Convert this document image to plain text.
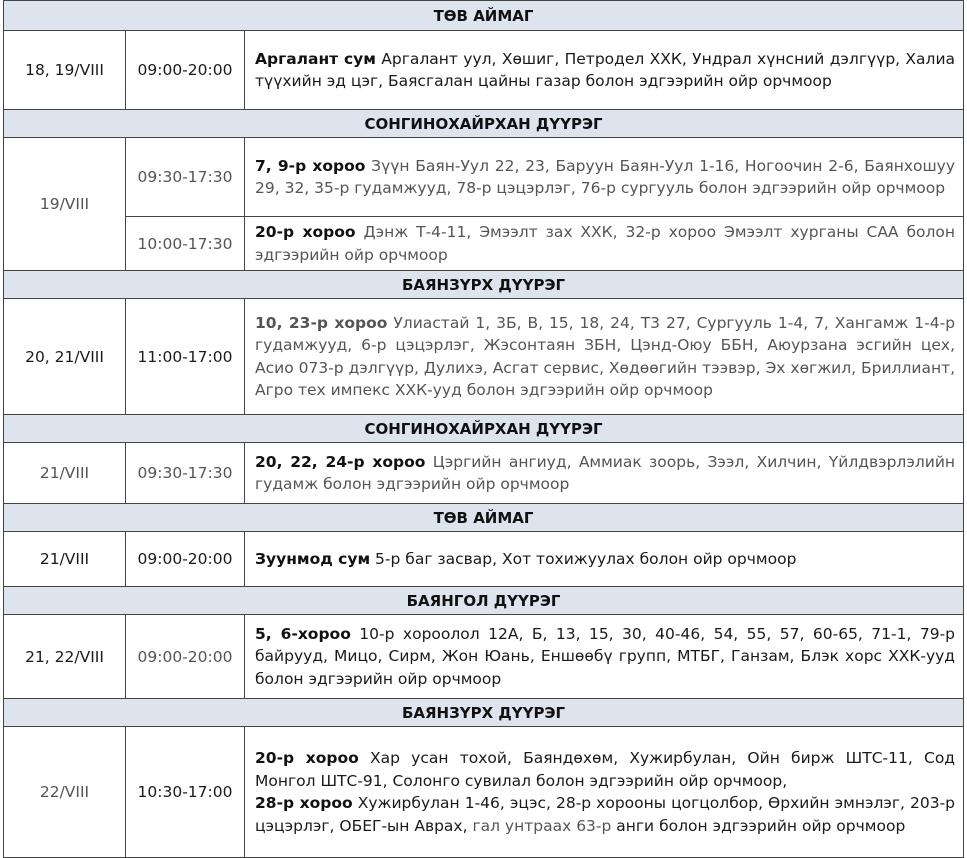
ТӨВ АЙМАГ		
18, 19/VIII	09:00-20:00	Аргалант сум Аргалант уул, Хөшиг, Петродел ХХК, Ундрал хүнсний дэлгүүр, Халиа түүхийн эд цэг, Баясгалан цайны газар болон эдгээрийн ойр орчмоор
СОНГИНОХАЙРХАН ДҮҮРЭГ		
19/VIII	09:30-17:30	7, 9-р хороо Зүүн Баян-Уул 22, 23, Баруун Баян-Уул 1-16, Ногоочин 2-6, Баянхошуу 29, 32, 35-р гудамжууд, 78-р цэцэрлэг, 76-р сургууль болон эдгээрийн ойр орчмоор
	10:00-17:30	20-р хороо Дэнж Т-4-11, Эмээлт зах ХХК, 32-р хороо Эмээлт хурганы САА болон эдгээрийн ойр орчмоор
БАЯНЗҮРХ ДҮҮРЭГ		
20, 21/VIII	11:00-17:00	10, 23-р хороо Улиастай 1, 3Б, В, 15, 18, 24, Т3 27, Сургууль 1-4, 7, Хангамж 1-4-р гудамжууд, 6-р цэцэрлэг, Жэсонтаян ЗБН, Цэнд-Оюу ББН, Аюурзана эсгийн цех, Асио 073-р дэлгүүр, Дулихэ, Асгат сервис, Хөдөөгийн тээвэр, Эх хөгжил, Бриллиант, Агро тех импекс ХХК-ууд болон эдгээрийн ойр орчмоор
СОНГИНОХАЙРХАН ДҮҮРЭГ		
21/VIII	09:30-17:30	20, 22, 24-р хороо Цэргийн ангиуд, Аммиак зоорь, Зээл, Хилчин, Үйлдвэрлэлийн гудамж болон эдгээрийн ойр орчмоор
ТӨВ АЙМАГ		
21/VIII	09:00-20:00	Зуунмод сум 5-р баг засвар, Хот тохижуулах болон ойр орчмоор
БАЯНГОЛ ДҮҮРЭГ		
21, 22/VIII	09:00-20:00	5, 6-хороо 10-р хороолол 12А, Б, 13, 15, 30, 40-46, 54, 55, 57, 60-65, 71-1, 79-р байрууд, Мицо, Сирм, Жон Юань, Еншөөбү групп, МТБГ, Ганзам, Блэк хорс ХХК-ууд болон эдгээрийн ойр орчмоор
БАЯНЗҮРХ ДҮҮРЭГ		
22/VIII	10:30-17:00	20-р хороо Хар усан тохой, Баяндөхөм, Хужирбулан, Ойн бирж ШТС-11, Сод Монгол ШТС-91, Солонго сувилал болон эдгээрийн ойр орчмоор,
28-р хороо Хужирбулан 1-46, эцэс, 28-р хорооны цогцолбор, Өрхийн эмнэлэг, 203-р цэцэрлэг, ОБЕГ-ын Аврах, гал унтраах 63-р анги болон эдгээрийн ойр орчмоор
